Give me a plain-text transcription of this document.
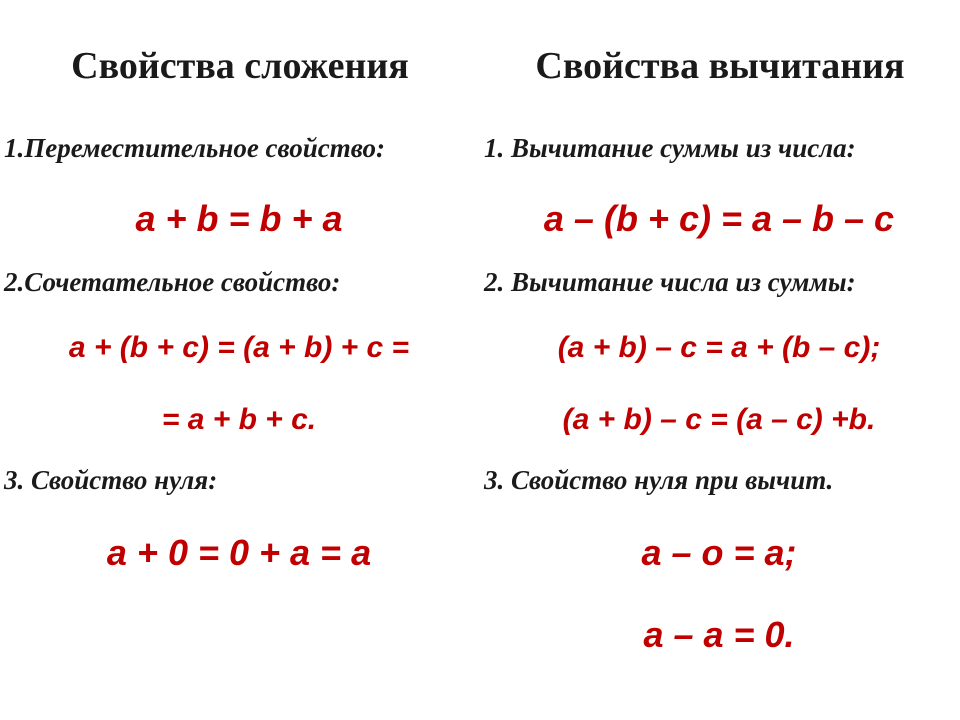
Свойства сложения
1.Переместительное свойство:
a + b = b + a
2.Сочетательное свойство:
a + (b + c) = (a + b) + c =
= a + b + c.
3. Свойство нуля:
a + 0 = 0 + a = a
Свойства вычитания
1. Вычитание суммы из числа:
a – (b + c) = a – b – c
2. Вычитание числа из суммы:
(a + b) – c = a + (b – c);
(a + b) – c = (a – c) +b.
3. Свойство нуля при вычит.
a – o = a;
a – a = 0.
